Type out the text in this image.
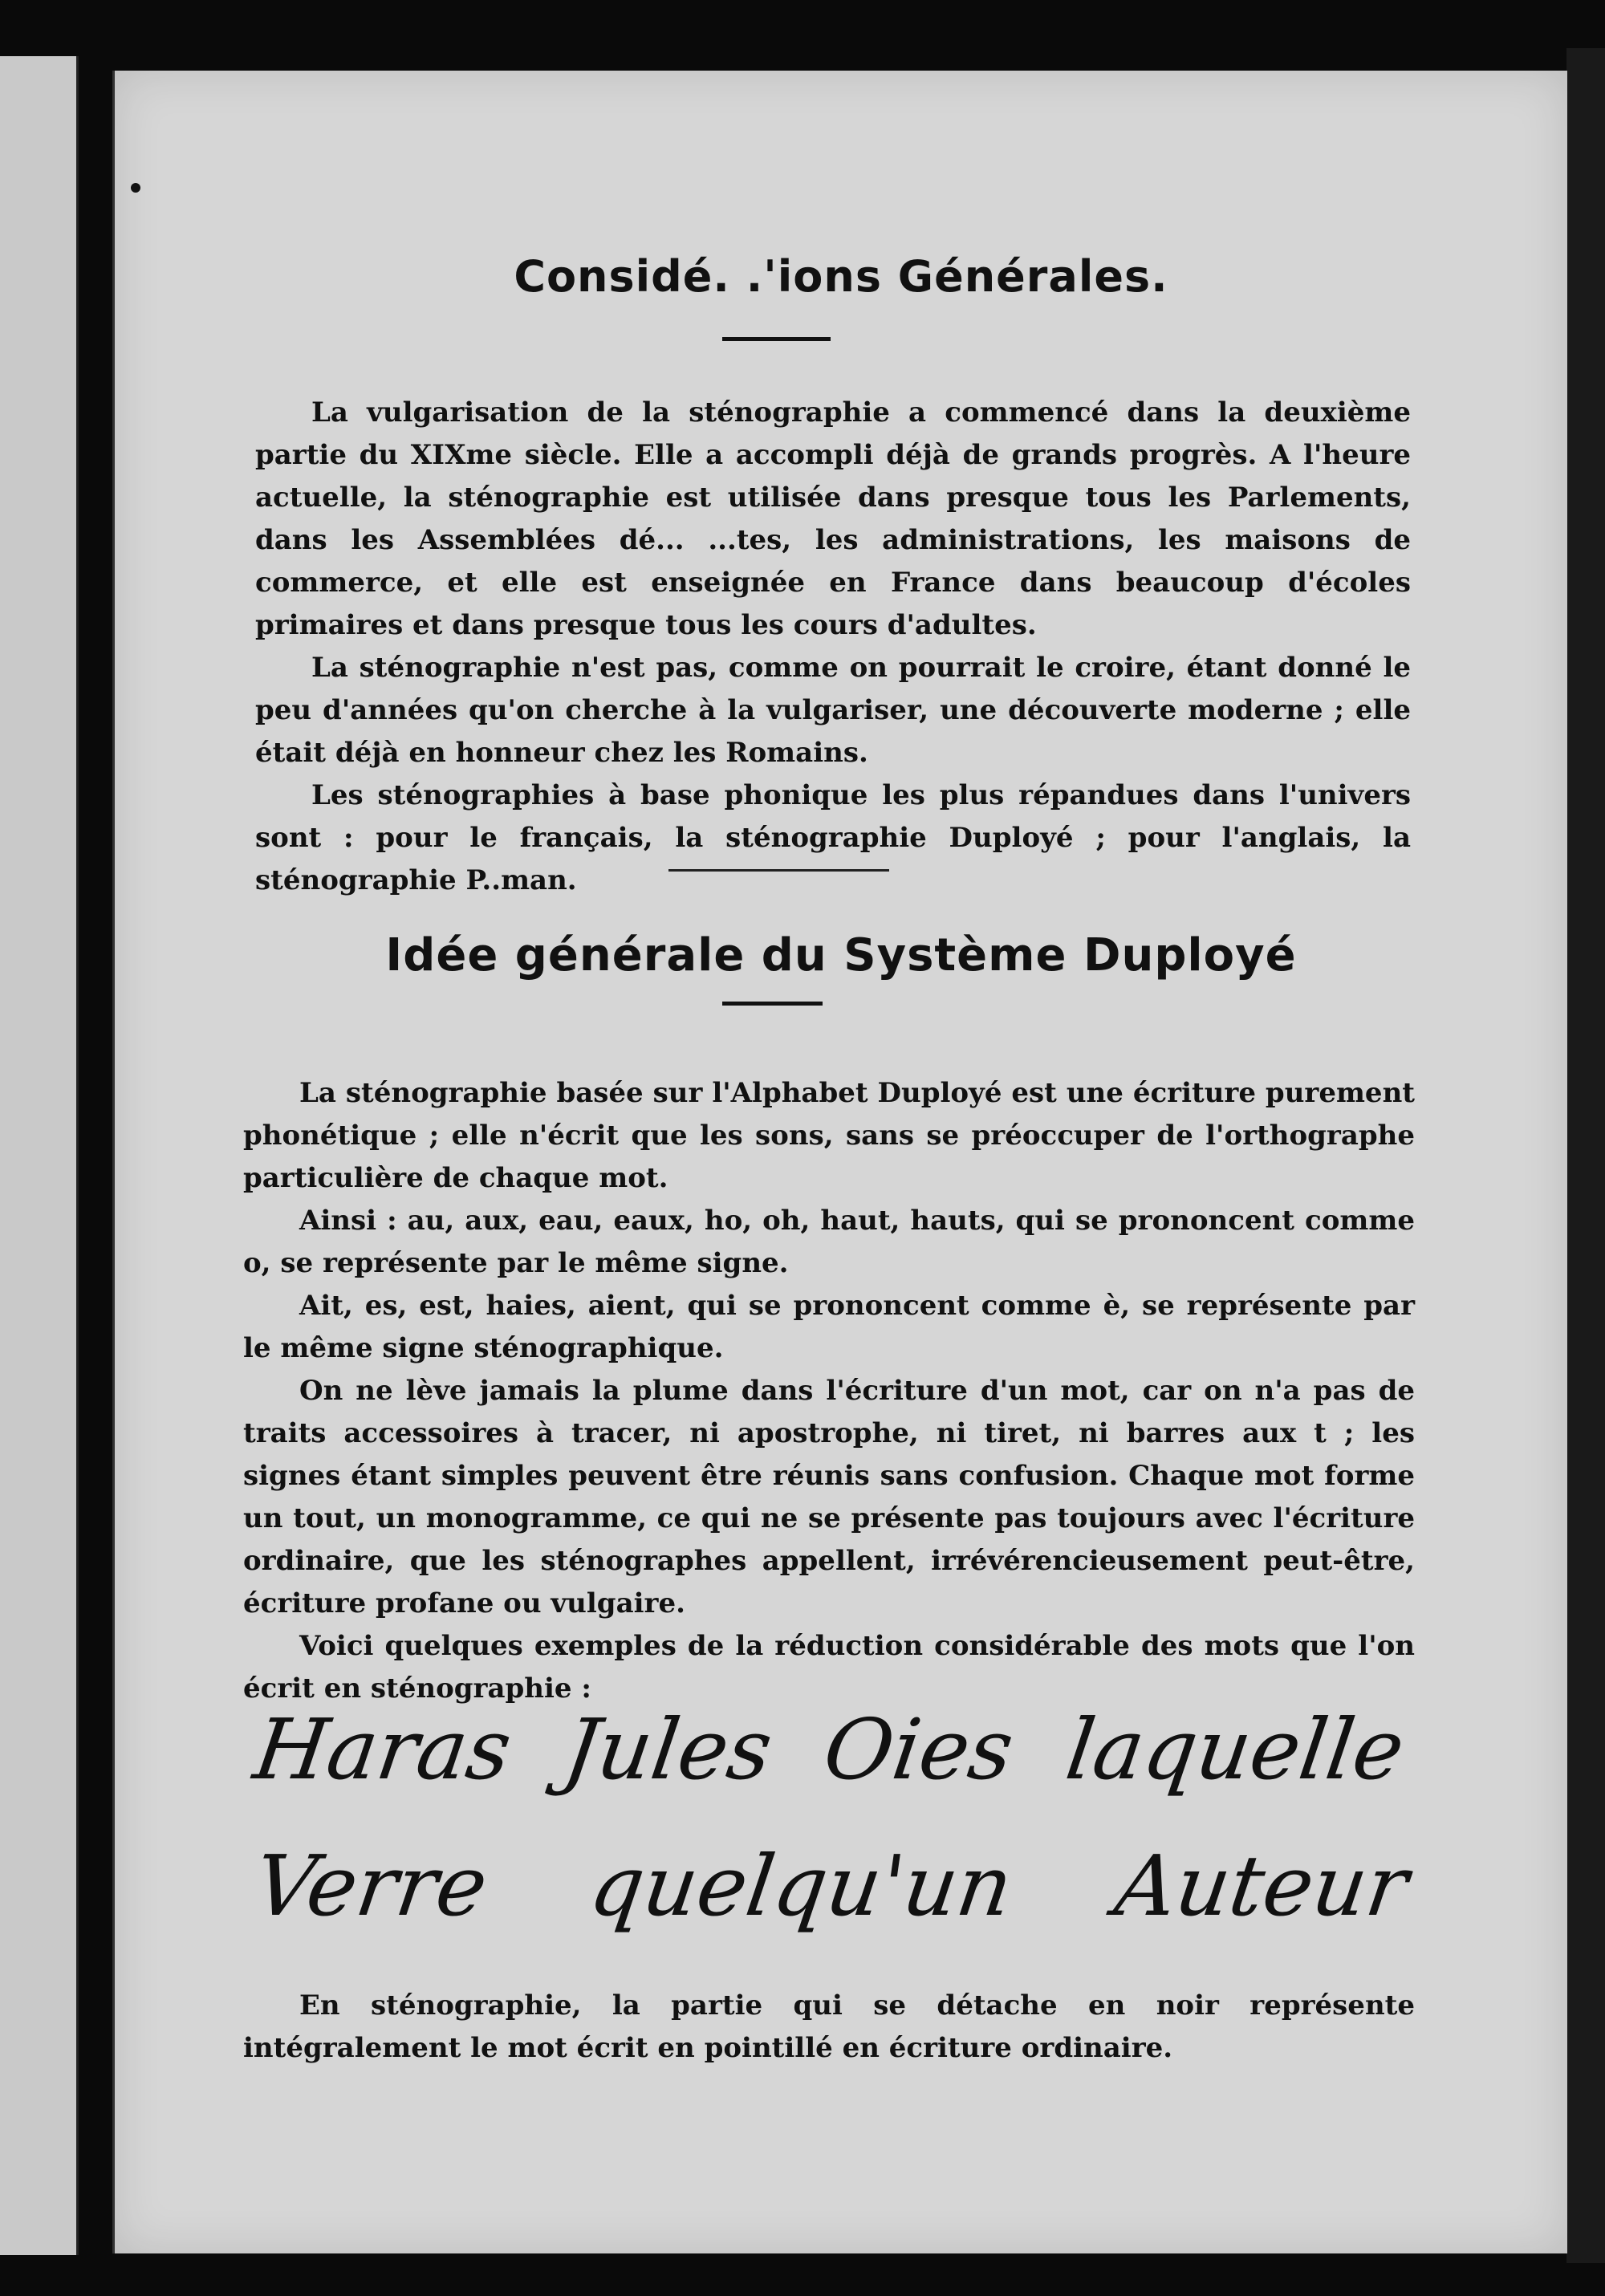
Considé. .'ions Générales.

La vulgarisation de la sténographie a commencé dans la deuxième partie du XIXme siècle. Elle a accompli déjà de grands progrès. A l'heure actuelle, la sténographie est utilisée dans presque tous les Parlements, dans les Assemblées dé... ...tes, les administrations, les maisons de commerce, et elle est enseignée en France dans beaucoup d'écoles primaires et dans presque tous les cours d'adultes.

La sténographie n'est pas, comme on pourrait le croire, étant donné le peu d'années qu'on cherche à la vulgariser, une découverte moderne ; elle était déjà en honneur chez les Romains.

Les sténographies à base phonique les plus répandues dans l'univers sont : pour le français, la sténographie Duployé ; pour l'anglais, la sténographie P..man.

Idée générale du Système Duployé

La sténographie basée sur l'Alphabet Duployé est une écriture purement phonétique ; elle n'écrit que les sons, sans se préoccuper de l'orthographe particulière de chaque mot.

Ainsi : au, aux, eau, eaux, ho, oh, haut, hauts, qui se prononcent comme o, se représente par le même signe.

Ait, es, est, haies, aient, qui se prononcent comme è, se représente par le même signe sténographique.

On ne lève jamais la plume dans l'écriture d'un mot, car on n'a pas de traits accessoires à tracer, ni apostrophe, ni tiret, ni barres aux t ; les signes étant simples peuvent être réunis sans confusion. Chaque mot forme un tout, un monogramme, ce qui ne se présente pas toujours avec l'écriture ordinaire, que les sténographes appellent, irrévérencieusement peut-être, écriture profane ou vulgaire.

Voici quelques exemples de la réduction considérable des mots que l'on écrit en sténographie :

Haras Jules Oies laquelle
Verre quelqu'un Auteur

En sténographie, la partie qui se détache en noir représente intégralement le mot écrit en pointillé en écriture ordinaire.
